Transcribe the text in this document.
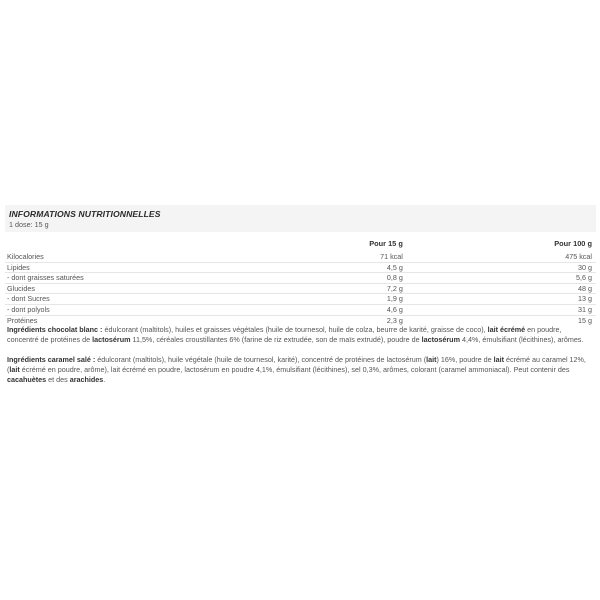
INFORMATIONS NUTRITIONNELLES
1 dose: 15 g
	Pour 15 g	Pour 100 g
Kilocalories	71 kcal	475 kcal
Lipides	4,5 g	30 g
- dont graisses saturées	0,8 g	5,6 g
Glucides	7,2 g	48 g
- dont Sucres	1,9 g	13 g
- dont polyols	4,6 g	31 g
Protéines	2,3 g	15 g
Ingrédients chocolat blanc : édulcorant (maltitols), huiles et graisses végétales (huile de tournesol, huile de colza, beurre de karité, graisse de coco), lait écrémé en poudre, concentré de protéines de lactosérum 11,5%, céréales croustillantes 6% (farine de riz extrudée, son de maïs extrudé), poudre de lactosérum 4,4%, émulsifiant (lécithines), arômes.
Ingrédients caramel salé : édulcorant (maltitols), huile végétale (huile de tournesol, karité), concentré de protéines de lactosérum (lait) 16%, poudre de lait écrémé au caramel 12%, (lait écrémé en poudre, arôme), lait écrémé en poudre, lactosérum en poudre 4,1%, émulsifiant (lécithines), sel 0,3%, arômes, colorant (caramel ammoniacal). Peut contenir des cacahuètes et des arachides.
